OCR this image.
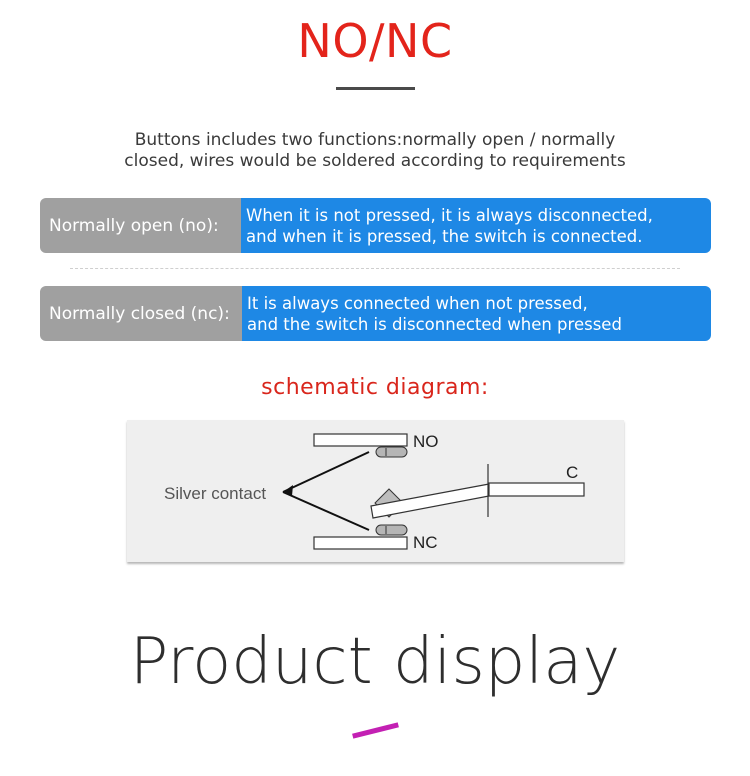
NO/NC
Buttons includes two functions:normally open / normally
closed, wires would be soldered according to requirements
Normally open (no):
When it is not pressed, it is always disconnected,
and when it is pressed, the switch is connected.
Normally closed (nc):
It is always connected when not pressed,
and the switch is disconnected when pressed
schematic diagram:
NO
NC
Silver contact
C
Product display
